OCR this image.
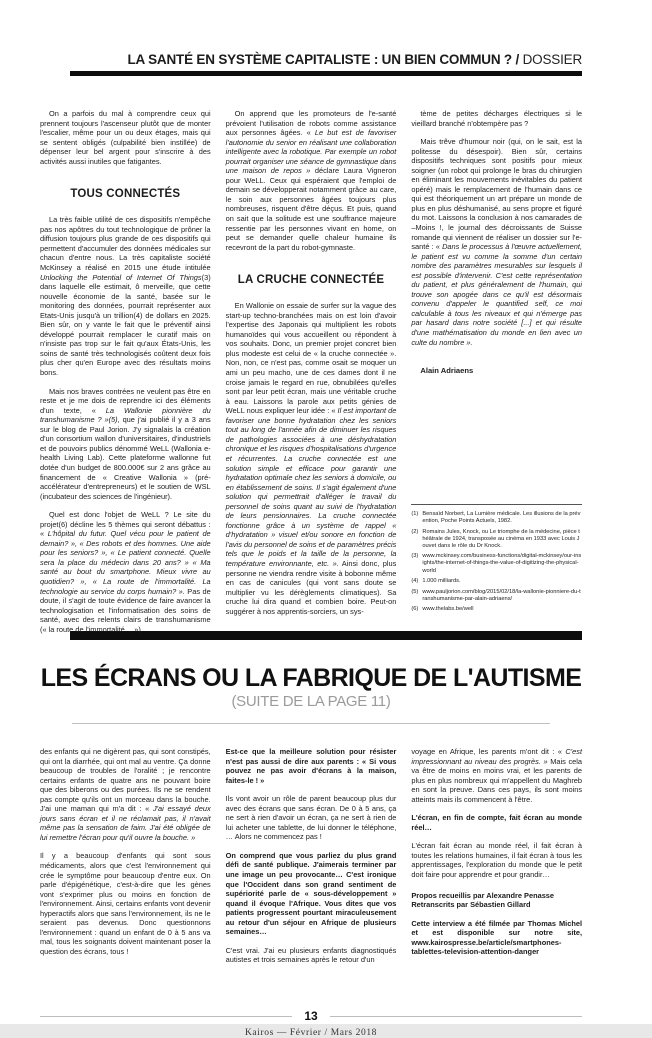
LA SANTÉ EN SYSTÈME CAPITALISTE : UN BIEN COMMUN ? / DOSSIER

On a parfois du mal à comprendre ceux qui prennent toujours l'ascenseur plutôt que de monter l'escalier, même pour un ou deux étages, mais qui se sentent obligés (culpabilité bien instillée) de dépenser leur bel argent pour s'inscrire à des activités aussi inutiles que fatigantes.

TOUS CONNECTÉS

La très faible utilité de ces dispositifs n'empêche pas nos apôtres du tout technologique de prôner la diffusion toujours plus grande de ces dispositifs qui permettent d'accumuler des données médicales sur chacun d'entre nous. La très capitaliste société McKinsey a réalisé en 2015 une étude intitulée Unlocking the Potential of Internet Of Things(3) dans laquelle elle estimait, ô merveille, que cette nouvelle économie de la santé, basée sur le monitoring des données, pourrait représenter aux Etats-Unis jusqu'à un trillion(4) de dollars en 2025. Bien sûr, on y vante le fait que le préventif ainsi développé pourrait remplacer le curatif mais on n'insiste pas trop sur le fait qu'aux États-Unis, les soins de santé très technologisés coûtent deux fois plus cher qu'en Europe avec des résultats moins bons.

Mais nos braves contrées ne veulent pas être en reste et je me dois de reprendre ici des éléments d'un texte, « La Wallonie pionnière du transhumanisme ? »(5), que j'ai publié il y a 3 ans sur le blog de Paul Jorion. J'y signalais la création d'un consortium wallon d'universitaires, d'industriels et de pouvoirs publics dénommé WeLL (Wallonia e-health Living Lab). Cette plateforme wallonne fut dotée d'un budget de 800.000€ sur 2 ans grâce au financement de « Creative Wallonia » (pré-accélérateur d'entrepreneurs) et le soutien de WSL (incubateur des sciences de l'ingénieur).

Quel est donc l'objet de WeLL ? Le site du projet(6) décline les 5 thèmes qui seront débattus : « L'hôpital du futur. Quel vécu pour le patient de demain? », « Des robots et des hommes. Une aide pour les seniors? », « Le patient connecté. Quelle sera la place du médecin dans 20 ans? » « Ma santé au bout du smartphone. Mieux vivre au quotidien? », « La route de l'immortalité. La technologie au service du corps humain? ». Pas de doute, il s'agit de toute évidence de faire avancer la technologisation et l'informatisation des soins de santé, avec des relents clairs de transhumanisme (« la route de l'immortalité… »).

On apprend que les promoteurs de l'e-santé prévoient l'utilisation de robots comme assistance aux personnes âgées. « Le but est de favoriser l'autonomie du senior en réalisant une collaboration intelligente avec la robotique. Par exemple un robot pourrait organiser une séance de gymnastique dans une maison de repos » déclare Laura Vigneron pour WeLL. Ceux qui espéraient que l'emploi de demain se développerait notamment grâce au care, le soin aux personnes âgées toujours plus nombreuses, risquent d'être déçus. Et puis, quand on sait que la solitude est une souffrance majeure ressentie par les personnes vivant en home, on peut se demander quelle chaleur humaine ils recevront de la part du robot-gymnaste.

LA CRUCHE CONNECTÉE

En Wallonie on essaie de surfer sur la vague des start-up techno-branchées mais on est loin d'avoir l'expertise des Japonais qui multiplient les robots humanoïdes qui vous accueillent ou répondent à vos souhaits. Donc, un premier projet concret bien plus modeste est celui de « la cruche connectée ». Non, non, ce n'est pas, comme osait se moquer un ami un peu macho, une de ces dames dont il ne croise jamais le regard en rue, obnubilées qu'elles sont par leur petit écran, mais une véritable cruche à eau. Laissons la parole aux petits génies de WeLL nous expliquer leur idée : « Il est important de favoriser une bonne hydratation chez les seniors tout au long de l'année afin de diminuer les risques de pathologies associées à une déshydratation chronique et les risques d'hospitalisations d'urgence et récurrentes. La cruche connectée est une solution simple et efficace pour garantir une hydratation optimale chez les seniors à domicile, ou en établissement de soins. Il s'agit également d'une solution qui permettrait d'alléger le travail du personnel de soins quant au suivi de l'hydratation de leurs pensionnaires. La cruche connectée fonctionne grâce à un système de rappel « d'hydratation » visuel et/ou sonore en fonction de l'avis du personnel de soins et de paramètres précis tels que le poids et la taille de la personne, la température environnante, etc. ». Ainsi donc, plus personne ne viendra rendre visite à bobonne même en cas de canicules (qui vont sans doute se multiplier vu les dérèglements climatiques). Sa cruche lui dira quand et combien boire. Peut-on suggérer à nos apprentis-sorciers, un sys-

tème de petites décharges électriques si le vieillard branché n'obtempère pas ?

Mais trêve d'humour noir (qui, on le sait, est la politesse du désespoir). Bien sûr, certains dispositifs techniques sont positifs pour mieux soigner (un robot qui prolonge le bras du chirurgien en éliminant les mouvements inévitables du patient opéré) mais le remplacement de l'humain dans ce qui est théoriquement un art prépare un monde de plus en plus déshumanisé, au sens propre et figuré du mot. Laissons la conclusion à nos camarades de –Moins !, le journal des décroissants de Suisse romande qui viennent de réaliser un dossier sur l'e-santé : « Dans le processus à l'œuvre actuellement, le patient est vu comme la somme d'un certain nombre des paramètres mesurables sur lesquels il est possible d'intervenir. C'est cette représentation du patient, et plus généralement de l'humain, qui trouve son apogée dans ce qu'il est désormais convenu d'appeler le quantified self, ce moi calculable à tous les niveaux et qui n'émerge pas par hasard dans notre société [...] et qui résulte d'une mathématisation du monde en lien avec un culte du nombre ».

Alain Adriaens
(1) Bensaïd Norbert, La Lumière médicale. Les illusions de la prévention, Poche Points Actuels, 1982.
(2) Romains Jules, Knock, ou Le triomphe de la médecine, pièce théâtrale de 1924, transposée au cinéma en 1933 avec Louis Jouvet dans le rôle du Dr Knock.
(3) www.mckinsey.com/business-functions/digital-mckinsey/our-insights/the-internet-of-things-the-value-of-digitizing-the-physical-world
(4) 1.000 milliards.
(5) www.pauljorion.com/blog/2015/02/18/la-wallonie-pionniere-du-transhumanisme-par-alain-adriaens/
(6) www.thelabs.be/well
LES ÉCRANS OU LA FABRIQUE DE L'AUTISME (SUITE DE LA PAGE 11)

des enfants qui ne digèrent pas, qui sont constipés, qui ont la diarrhée, qui ont mal au ventre. Ça donne beaucoup de troubles de l'oralité ; je rencontre certains enfants de quatre ans ne pouvant boire que des biberons ou des purées. Ils ne se rendent pas compte qu'ils ont un morceau dans la bouche. J'ai une maman qui m'a dit : « J'ai essayé deux jours sans écran et il ne réclamait pas, il n'avait même pas la sensation de faim. J'ai été obligée de lui remettre l'écran pour qu'il ouvre la bouche. »

Il y a beaucoup d'enfants qui sont sous médicaments, alors que c'est l'environnement qui crée le symptôme pour beaucoup d'entre eux. On parle d'épigénétique, c'est-à-dire que les gènes vont s'exprimer plus ou moins en fonction de l'environnement. Ainsi, certains enfants vont devenir hyperactifs alors que sans l'environnement, ils ne le seraient pas devenus. Donc questionnons l'environnement : quand un enfant de 0 à 5 ans va mal, tous les soignants doivent maintenant poser la question des écrans, tous !

Est-ce que la meilleure solution pour résister n'est pas aussi de dire aux parents : « Si vous pouvez ne pas avoir d'écrans à la maison, faites-le ! »

Ils vont avoir un rôle de parent beaucoup plus dur avec des écrans que sans écran. De 0 à 5 ans, ça ne sert à rien d'avoir un écran, ça ne sert à rien de lui acheter une tablette, de lui donner le téléphone, … Alors ne commencez pas !

On comprend que vous parliez du plus grand défi de santé publique. J'aimerais terminer par une image un peu provocante… C'est ironique que l'Occident dans son grand sentiment de supériorité parle de « sous-développement » quand il évoque l'Afrique. Vous dites que vos patients progressent pourtant miraculeusement au retour d'un séjour en Afrique de plusieurs semaines…

C'est vrai. J'ai eu plusieurs enfants diagnostiqués autistes et trois semaines après le retour d'un

voyage en Afrique, les parents m'ont dit : « C'est impressionnant au niveau des progrès. » Mais cela va être de moins en moins vrai, et les parents de plus en plus nombreux qui m'appellent du Maghreb en sont la preuve. Dans ces pays, ils sont moins atteints mais ils commencent à l'être.

L'écran, en fin de compte, fait écran au monde réel…

L'écran fait écran au monde réel, il fait écran à toutes les relations humaines, il fait écran à tous les apprentissages, l'exploration du monde que le petit doit faire pour apprendre et pour grandir…

Propos recueillis par Alexandre Penasse
Retranscrits par Sébastien Gillard

Cette interview a été filmée par Thomas Michel et est disponible sur notre site, www.kairospresse.be/article/smartphones-tablettes-television-attention-danger

13
Kairos — Février / Mars 2018
